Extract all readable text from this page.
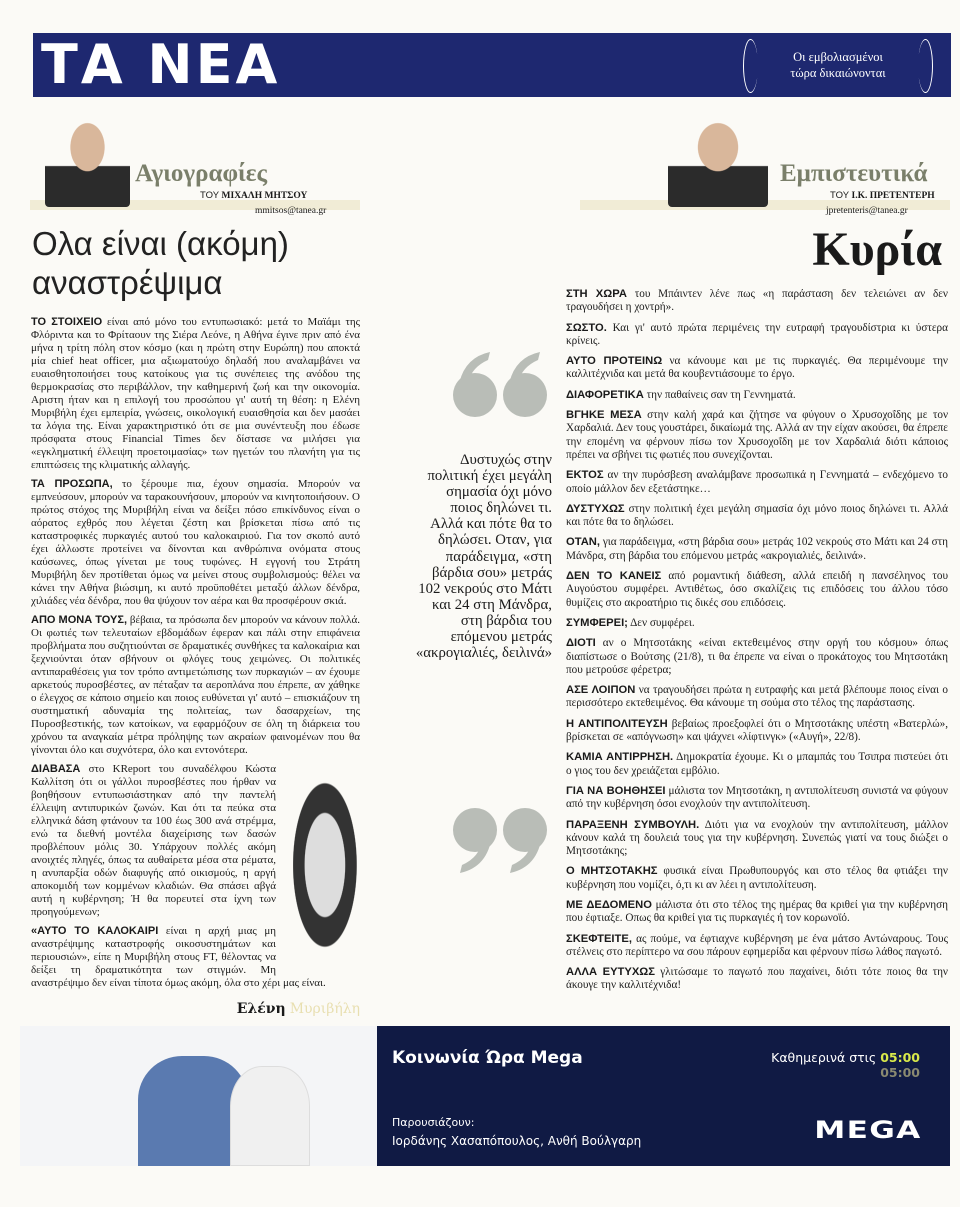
ΤΑ ΝΕΑ	Οι εμβολιασμένοι
τώρα δικαιώνονται
Αγιογραφίες
ΤΟΥ ΜΙΧΑΛΗ ΜΗΤΣΟΥ
mmitsos@tanea.gr
Ολα είναι (ακόμη) αναστρέψιμα
Εμπιστευτικά
ΤΟΥ Ι.Κ. ΠΡΕΤΕΝΤΕΡΗ
jpretenteris@tanea.gr
Κυρία

ΤΟ ΣΤΟΙΧΕΙΟ είναι από μόνο του εντυπωσιακό: μετά το Μαϊάμι της Φλόριντα και το Φρίταουν της Σιέρα Λεόνε, η Αθήνα έγινε πριν από ένα μήνα η τρίτη πόλη στον κόσμο (και η πρώτη στην Ευρώπη) που αποκτά μία chief heat officer, μια αξιωματούχο δηλαδή που αναλαμβάνει να ευαισθητοποιήσει τους κατοίκους για τις συνέπειες της ανόδου της θερμοκρασίας στο περιβάλλον, την καθημερινή ζωή και την οικονομία. Αριστη ήταν και η επιλογή του προσώπου γι' αυτή τη θέση: η Ελένη Μυριβήλη έχει εμπειρία, γνώσεις, οικολογική ευαισθησία και δεν μασάει τα λόγια της. Είναι χαρακτηριστικό ότι σε μια συνέντευξη που έδωσε πρόσφατα στους Financial Times δεν δίστασε να μιλήσει για «εγκληματική έλλειψη προετοιμασίας» των ηγετών του πλανήτη για τις επιπτώσεις της κλιματικής αλλαγής.

ΤΑ ΠΡΟΣΩΠΑ, το ξέρουμε πια, έχουν σημασία. Μπορούν να εμπνεύσουν, μπορούν να ταρακουνήσουν, μπορούν να κινητοποιήσουν. Ο πρώτος στόχος της Μυριβήλη είναι να δείξει πόσο επικίνδυνος είναι ο αόρατος εχθρός που λέγεται ζέστη και βρίσκεται πίσω από τις καταστροφικές πυρκαγιές αυτού του καλοκαιριού. Για τον σκοπό αυτό έχει άλλωστε προτείνει να δίνονται και ανθρώπινα ονόματα στους καύσωνες, όπως γίνεται με τους τυφώνες. Η εγγονή του Στράτη Μυριβήλη δεν προτίθεται όμως να μείνει στους συμβολισμούς: θέλει να κάνει την Αθήνα βιώσιμη, κι αυτό προϋποθέτει μεταξύ άλλων δένδρα, χιλιάδες νέα δένδρα, που θα ψύχουν τον αέρα και θα προσφέρουν σκιά.

ΑΠΟ ΜΟΝΑ ΤΟΥΣ, βέβαια, τα πρόσωπα δεν μπορούν να κάνουν πολλά. Οι φωτιές των τελευταίων εβδομάδων έφεραν και πάλι στην επιφάνεια προβλήματα που συζητιούνται σε δραματικές συνθήκες τα καλοκαίρια και ξεχνιούνται όταν σβήνουν οι φλόγες τους χειμώνες. Οι πολιτικές αντιπαραθέσεις για τον τρόπο αντιμετώπισης των πυρκαγιών – αν έχουμε αρκετούς πυροσβέστες, αν πέταξαν τα αεροπλάνα που έπρεπε, αν χάθηκε ο έλεγχος σε κάποιο σημείο και ποιος ευθύνεται γι' αυτό – επισκιάζουν τη συστηματική αδυναμία της πολιτείας, των δασαρχείων, της Πυροσβεστικής, των κατοίκων, να εφαρμόζουν σε όλη τη διάρκεια του χρόνου τα αναγκαία μέτρα πρόληψης των ακραίων φαινομένων που θα γίνονται όλο και συχνότερα, όλο και εντονότερα.

ΔΙΑΒΑΣΑ στο KReport του συναδέλφου Κώστα Καλλίτση ότι οι γάλλοι πυροσβέστες που ήρθαν να βοηθήσουν εντυπωσιάστηκαν από την παντελή έλλειψη αντιπυρικών ζωνών. Και ότι τα πεύκα στα ελληνικά δάση φτάνουν τα 100 έως 300 ανά στρέμμα, ενώ τα διεθνή μοντέλα διαχείρισης των δασών προβλέπουν μόλις 30. Υπάρχουν πολλές ακόμη ανοιχτές πληγές, όπως τα αυθαίρετα μέσα στα ρέματα, η ανυπαρξία οδών διαφυγής από οικισμούς, η αργή αποκομιδή των κομμένων κλαδιών. Θα σπάσει αβγά αυτή η κυβέρνηση; Ή θα πορευτεί στα ίχνη των προηγούμενων;

«ΑΥΤΟ ΤΟ ΚΑΛΟΚΑΙΡΙ είναι η αρχή μιας μη αναστρέψιμης καταστροφής οικοσυστημάτων και περιουσιών», είπε η Μυριβήλη στους FT, θέλοντας να δείξει τη δραματικότητα των στιγμών. Μη αναστρέψιμο δεν είναι τίποτα όμως ακόμη, όλα στο χέρι μας είναι.

Ελένη Μυριβήλη
Δυστυχώς στην πολιτική έχει μεγάλη σημασία όχι μόνο ποιος δηλώνει τι. Αλλά και πότε θα το δηλώσει. Οταν, για παράδειγμα, «στη βάρδια σου» μετράς 102 νεκρούς στο Μάτι και 24 στη Μάνδρα, στη βάρδια του επόμενου μετράς «ακρογιαλιές, δειλινά»

ΣΤΗ ΧΩΡΑ του Μπάιντεν λένε πως «η παράσταση δεν τελειώνει αν δεν τραγουδήσει η χοντρή».

ΣΩΣΤΟ. Και γι' αυτό πρώτα περιμένεις την ευτραφή τραγουδίστρια κι ύστερα κρίνεις.

ΑΥΤΟ ΠΡΟΤΕΙΝΩ να κάνουμε και με τις πυρκαγιές. Θα περιμένουμε την καλλιτέχνιδα και μετά θα κουβεντιάσουμε το έργο.

ΔΙΑΦΟΡΕΤΙΚΑ την παθαίνεις σαν τη Γεννηματά.

ΒΓΗΚΕ ΜΕΣΑ στην καλή χαρά και ζήτησε να φύγουν ο Χρυσοχοΐδης με τον Χαρδαλιά. Δεν τους γουστάρει, δικαίωμά της. Αλλά αν την είχαν ακούσει, θα έπρεπε την επομένη να φέρνουν πίσω τον Χρυσοχοΐδη με τον Χαρδαλιά διότι κάποιος πρέπει να σβήνει τις φωτιές που συνεχίζονται.

ΕΚΤΟΣ αν την πυρόσβεση αναλάμβανε προσωπικά η Γεννηματά – ενδεχόμενο το οποίο μάλλον δεν εξετάστηκε…

ΔΥΣΤΥΧΩΣ στην πολιτική έχει μεγάλη σημασία όχι μόνο ποιος δηλώνει τι. Αλλά και πότε θα το δηλώσει.

ΟΤΑΝ, για παράδειγμα, «στη βάρδια σου» μετράς 102 νεκρούς στο Μάτι και 24 στη Μάνδρα, στη βάρδια του επόμενου μετράς «ακρογιαλιές, δειλινά».

ΔΕΝ ΤΟ ΚΑΝΕΙΣ από ρομαντική διάθεση, αλλά επειδή η πανσέληνος του Αυγούστου συμφέρει. Αντιθέτως, όσο σκαλίζεις τις επιδόσεις του άλλου τόσο θυμίζεις στο ακροατήριο τις δικές σου επιδόσεις.

ΣΥΜΦΕΡΕΙ; Δεν συμφέρει.

ΔΙΟΤΙ αν ο Μητσοτάκης «είναι εκτεθειμένος στην οργή του κόσμου» όπως διαπίστωσε ο Βούτσης (21/8), τι θα έπρεπε να είναι ο προκάτοχος του Μητσοτάκη που μετρούσε φέρετρα;

ΑΣΕ ΛΟΙΠΟΝ να τραγουδήσει πρώτα η ευτραφής και μετά βλέπουμε ποιος είναι ο περισσότερο εκτεθειμένος. Θα κάνουμε τη σούμα στο τέλος της παράστασης.

Η ΑΝΤΙΠΟΛΙΤΕΥΣΗ βεβαίως προεξοφλεί ότι ο Μητσοτάκης υπέστη «Βατερλώ», βρίσκεται σε «απόγνωση» και ψάχνει «λίφτινγκ» («Αυγή», 22/8).

ΚΑΜΙΑ ΑΝΤΙΡΡΗΣΗ. Δημοκρατία έχουμε. Κι ο μπαμπάς του Τσιπρα πιστεύει ότι ο γιος του δεν χρειάζεται εμβόλιο.

ΓΙΑ ΝΑ ΒΟΗΘΗΣΕΙ μάλιστα τον Μητσοτάκη, η αντιπολίτευση συνιστά να φύγουν από την κυβέρνηση όσοι ενοχλούν την αντιπολίτευση.

ΠΑΡΑΞΕΝΗ ΣΥΜΒΟΥΛΗ. Διότι για να ενοχλούν την αντιπολίτευση, μάλλον κάνουν καλά τη δουλειά τους για την κυβέρνηση. Συνεπώς γιατί να τους διώξει ο Μητσοτάκης;

Ο ΜΗΤΣΟΤΑΚΗΣ φυσικά είναι Πρωθυπουργός και στο τέλος θα φτιάξει την κυβέρνηση που νομίζει, ό,τι κι αν λέει η αντιπολίτευση.

ΜΕ ΔΕΔΟΜΕΝΟ μάλιστα ότι στο τέλος της ημέρας θα κριθεί για την κυβέρνηση που έφτιαξε. Οπως θα κριθεί για τις πυρκαγιές ή τον κορωνοϊό.

ΣΚΕΦΤΕΙΤΕ, ας πούμε, να έφτιαχνε κυβέρνηση με ένα μάτσο Αντώναρους. Τους στέλνεις στο περίπτερο να σου πάρουν εφημερίδα και φέρνουν πίσω λάθος παγωτό.

ΑΛΛΑ ΕΥΤΥΧΩΣ γλιτώσαμε το παγωτό που παχαίνει, διότι τότε ποιος θα την άκουγε την καλλιτέχνιδα!

Κοινωνία Ώρα Mega	Καθημερινά στις 05:00
05:00
Παρουσιάζουν:
Ιορδάνης Χασαπόπουλος, Ανθή Βούλγαρη	MEGA
